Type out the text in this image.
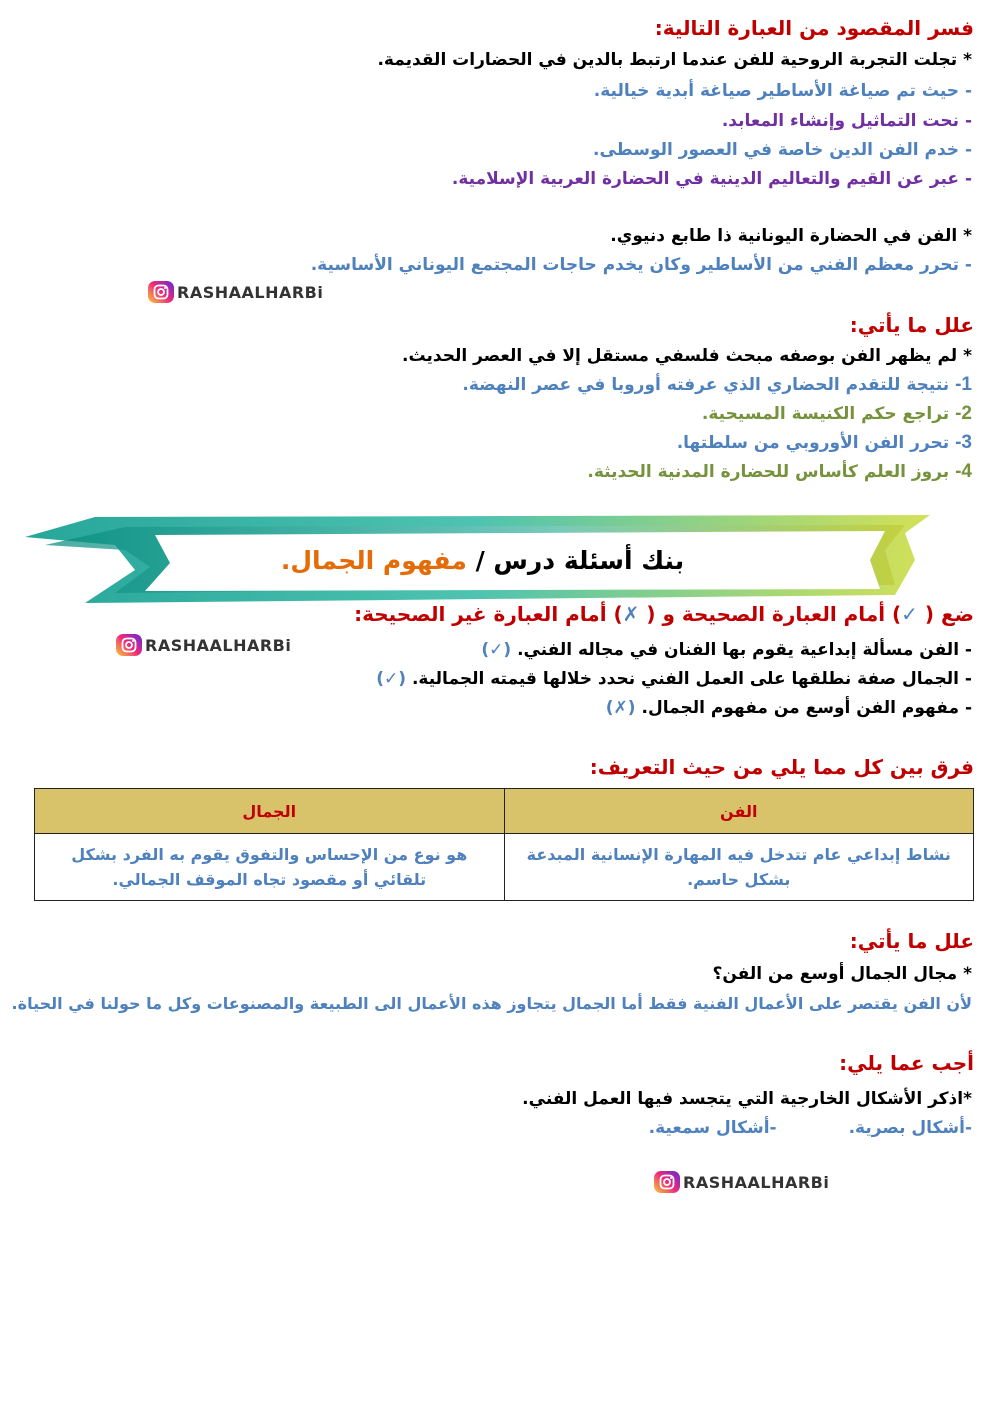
فسر المقصود من العبارة التالية:
* تجلت التجربة الروحية للفن عندما ارتبط بالدين في الحضارات القديمة.
- حيث تم صياغة الأساطير صياغة أبدية خيالية.
- نحت التماثيل وإنشاء المعابد.
- خدم الفن الدين خاصة في العصور الوسطى.
- عبر عن القيم والتعاليم الدينية في الحضارة العربية الإسلامية.
* الفن في الحضارة اليونانية ذا طابع دنيوي.
- تحرر معظم الفني من الأساطير وكان يخدم حاجات المجتمع اليوناني الأساسية.
RASHAALHARBi
علل ما يأتي:
* لم يظهر الفن بوصفه مبحث فلسفي مستقل إلا في العصر الحديث.
1- نتيجة للتقدم الحضاري الذي عرفته أوروبا في عصر النهضة.
2- تراجع حكم الكنيسة المسيحية.
3- تحرر الفن الأوروبي من سلطتها.
4- بروز العلم كأساس للحضارة المدنية الحديثة.
بنك أسئلة درس / مفهوم الجمال.
ضع ( ✓) أمام العبارة الصحيحة و ( ✗) أمام العبارة غير الصحيحة:
RASHAALHARBi	- الفن مسألة إبداعية يقوم بها الفنان في مجاله الفني. (✓)
- الجمال صفة نطلقها على العمل الفني نحدد خلالها قيمته الجمالية. (✓)
- مفهوم الفن أوسع من مفهوم الجمال. (✗)
فرق بين كل مما يلي من حيث التعريف:
الفن	الجمال
نشاط إبداعي عام تتدخل فيه المهارة الإنسانية المبدعة بشكل حاسم.	هو نوع من الإحساس والتفوق يقوم به الفرد بشكل تلقائي أو مقصود تجاه الموقف الجمالي.
علل ما يأتي:
* مجال الجمال أوسع من الفن؟
لأن الفن يقتصر على الأعمال الفنية فقط أما الجمال يتجاوز هذه الأعمال الى الطبيعة والمصنوعات وكل ما حولنا في الحياة.
أجب عما يلي:
*اذكر الأشكال الخارجية التي يتجسد فيها العمل الفني.
-أشكال بصرية.-أشكال سمعية.
RASHAALHARBi
